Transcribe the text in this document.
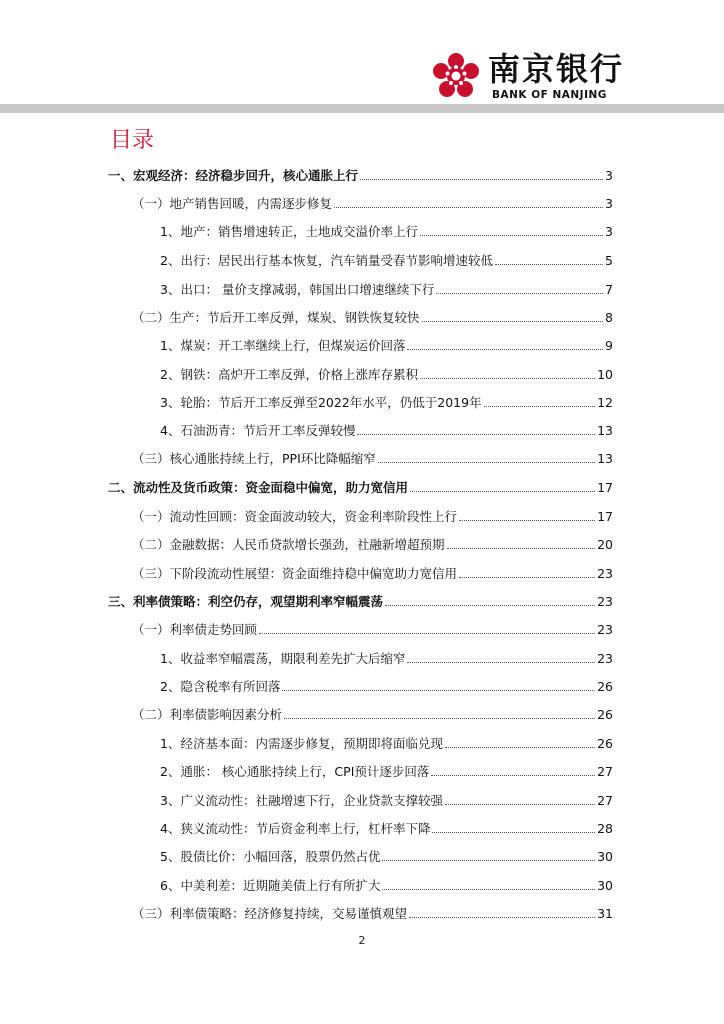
南京银行
BANK OF NANJING
目录
一、宏观经济：经济稳步回升，核心通胀上行	3
（一）地产销售回暖，内需逐步修复	3
1、地产：销售增速转正，土地成交溢价率上行	3
2、出行：居民出行基本恢复，汽车销量受春节影响增速较低	5
3、出口： 量价支撑减弱，韩国出口增速继续下行	7
（二）生产：节后开工率反弹，煤炭、钢铁恢复较快	8
1、煤炭：开工率继续上行，但煤炭运价回落	9
2、钢铁：高炉开工率反弹，价格上涨库存累积	10
3、轮胎：节后开工率反弹至2022年水平，仍低于2019年	12
4、石油沥青：节后开工率反弹较慢	13
（三）核心通胀持续上行，PPI环比降幅缩窄	13
二、流动性及货币政策：资金面稳中偏宽，助力宽信用	17
（一）流动性回顾：资金面波动较大，资金利率阶段性上行	17
（二）金融数据：人民币贷款增长强劲，社融新增超预期	20
（三）下阶段流动性展望：资金面维持稳中偏宽助力宽信用	23
三、利率债策略：利空仍存，观望期利率窄幅震荡	23
（一）利率债走势回顾	23
1、收益率窄幅震荡，期限利差先扩大后缩窄	23
2、隐含税率有所回落	26
（二）利率债影响因素分析	26
1、经济基本面：内需逐步修复，预期即将面临兑现	26
2、通胀： 核心通胀持续上行，CPI预计逐步回落	27
3、广义流动性：社融增速下行，企业贷款支撑较强	27
4、狭义流动性：节后资金利率上行，杠杆率下降	28
5、股债比价：小幅回落，股票仍然占优	30
6、中美利差：近期随美债上行有所扩大	30
（三）利率债策略：经济修复持续，交易谨慎观望	31
2
